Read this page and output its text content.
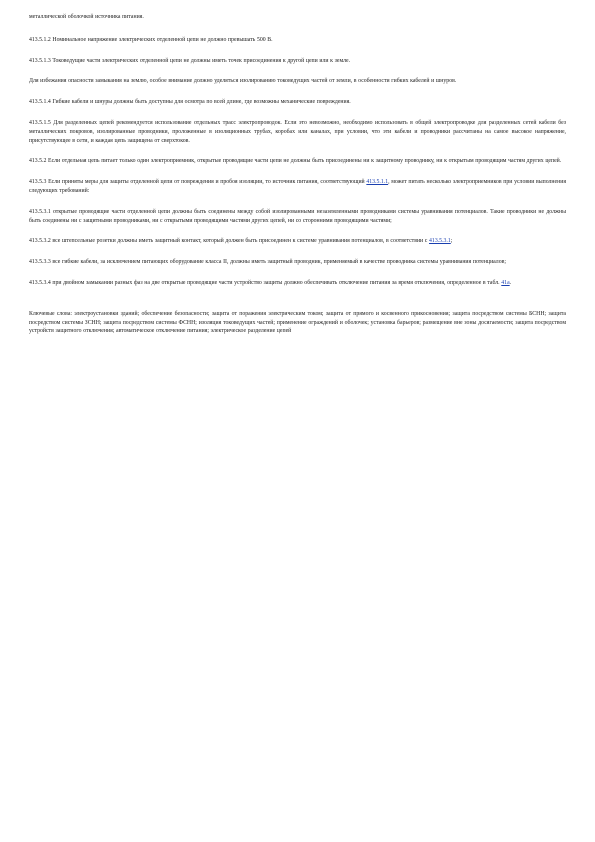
металлической оболочкой источника питания.

413.5.1.2 Номинальное напряжение электрических отделенной цепи не должно превышать 500 В.

413.5.1.3 Токоведущие части электрических отделенной цепи не должны иметь точек присоединения к другой цепи или к земле.

Для избежания опасности замыкания на землю, особое внимание должно уделяться изолированию токоведущих частей от земли, в особенности гибких кабелей и шнуров.

413.5.1.4 Гибкие кабели и шнуры должны быть доступны для осмотра по всей длине, где возможны механические повреждения.

413.5.1.5 Для разделенных цепей рекомендуется использование отдельных трасс электропроводок. Если это невозможно, необходимо использовать в общей электропроводке для разделенных сетей кабели без металлических покровов, изолированные проводники, проложенные в изоляционных трубах, коробах или каналах, при условии, что эти кабели и проводники рассчитаны на самое высокое напряжение, присутствующее в сети, и каждая цепь защищена от сверхтоков.

413.5.2 Если отдельная цепь питает только один электроприемник, открытые проводящие части цепи не должны быть присоединены ни к защитному проводнику, ни к открытым проводящим частям других цепей.

413.5.3 Если приняты меры для защиты отделенной цепи от повреждения и пробоя изоляции, то источник питания, соответствующий 413.5.1.1, может питать несколько электроприемников при условии выполнения следующих требований:

413.5.3.1 открытые проводящие части отделенной цепи должны быть соединены между собой изолированными незаземленными проводниками системы уравнивания потенциалов. Такие проводники не должны быть соединены ни с защитными проводниками, ни с открытыми проводящими частями других цепей, ни со сторонними проводящими частями;

413.5.3.2 все штепсельные розетки должны иметь защитный контакт, который должен быть присоединен к системе уравнивания потенциалов, в соответствии с 413.5.3.1;

413.5.3.3 все гибкие кабели, за исключением питающих оборудование класса II, должны иметь защитный проводник, применяемый в качестве проводника системы уравнивания потенциалов;

413.5.3.4 при двойном замыкании разных фаз на две открытые проводящие части устройство защиты должно обеспечивать отключение питания за время отключения, определенное в табл. 41а.

Ключевые слова: электроустановки зданий; обеспечение безопасности; защита от поражения электрическим током; защита от прямого и косвенного прикосновения; защита посредством системы БСНН; защита посредством системы ЗСНН; защита посредством системы ФСНН; изоляция токоведущих частей; применение ограждений и оболочек; установка барьеров; размещение вне зоны досягаемости; защита посредством устройств защитного отключения; автоматическое отключение питания; электрическое разделение цепей
